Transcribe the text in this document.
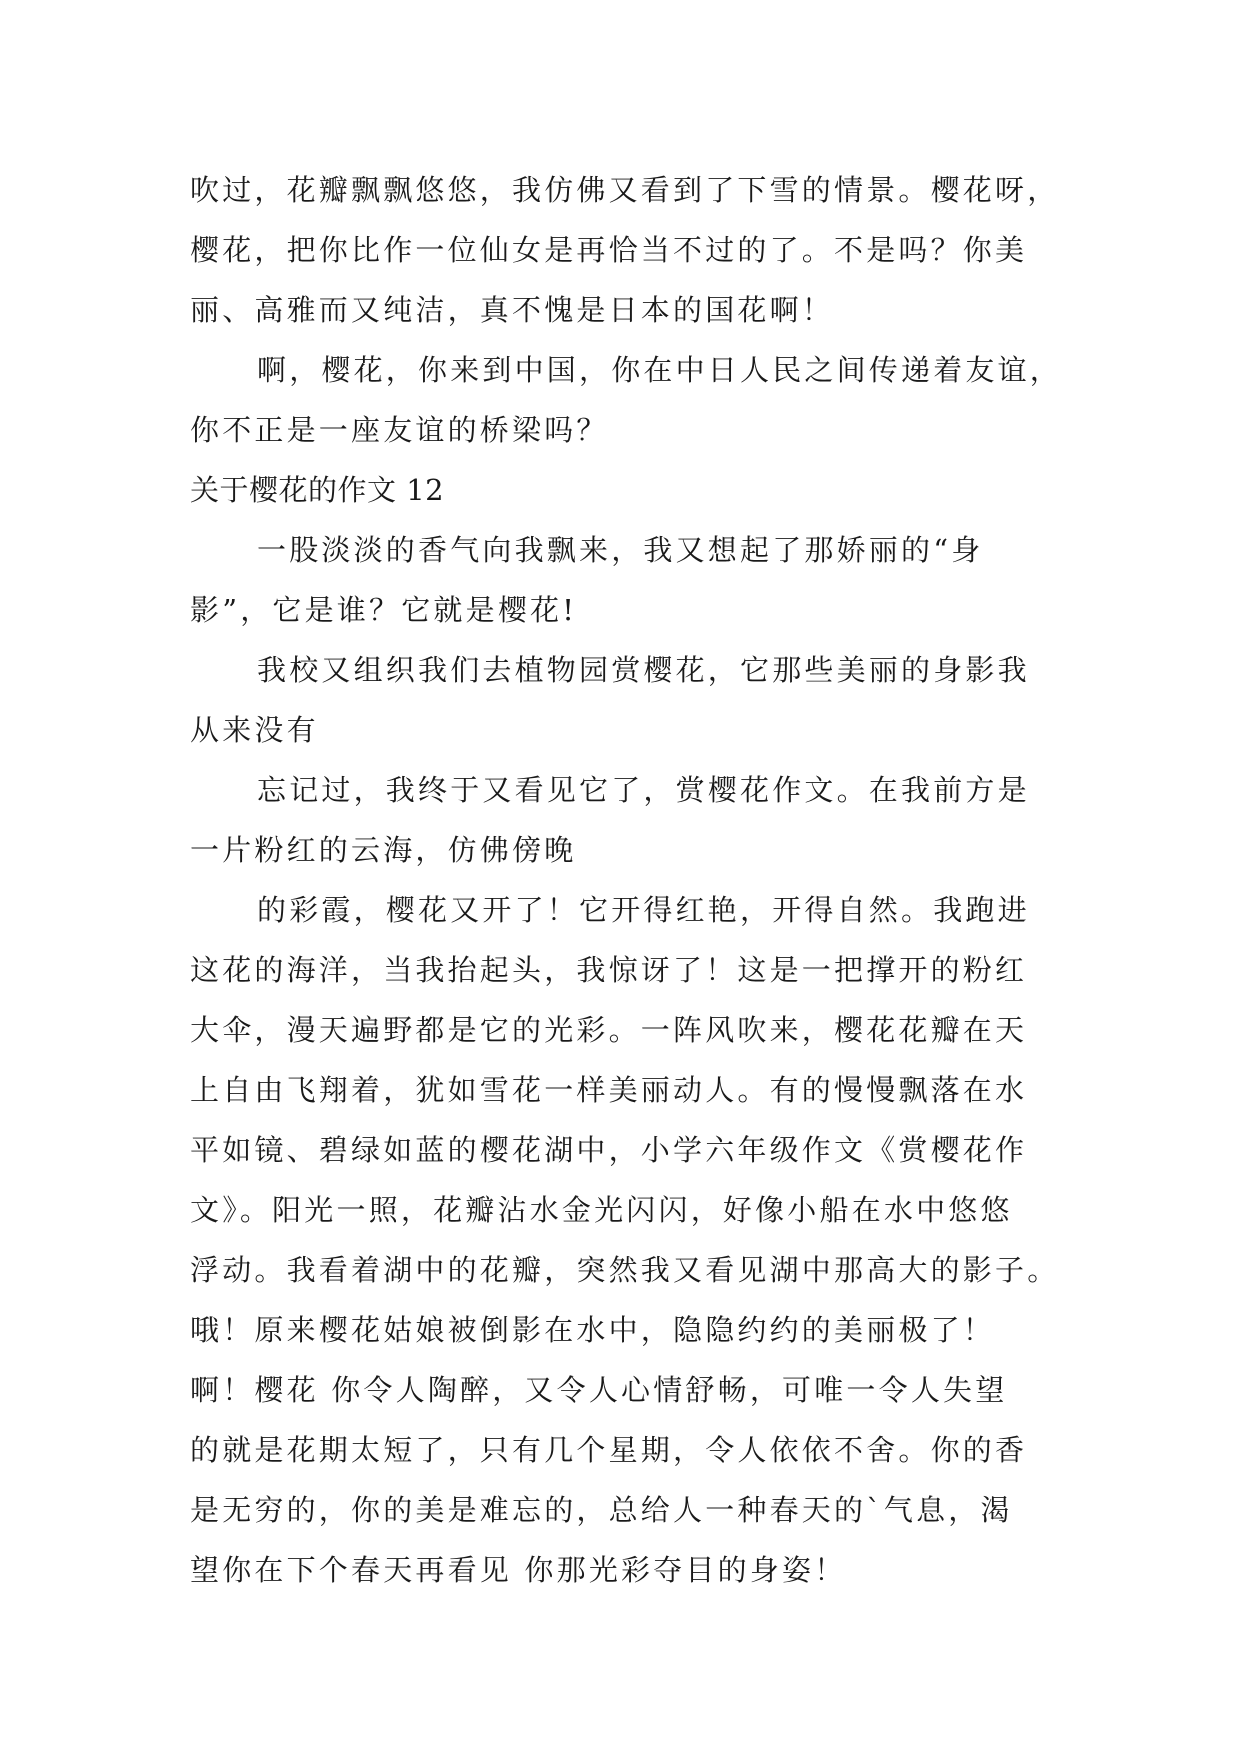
吹过，花瓣飘飘悠悠，我仿佛又看到了下雪的情景。樱花呀，
樱花，把你比作一位仙女是再恰当不过的了。不是吗？你美
丽、高雅而又纯洁，真不愧是日本的国花啊！
啊，樱花，你来到中国，你在中日人民之间传递着友谊，
你不正是一座友谊的桥梁吗？
关于樱花的作文 12
一股淡淡的香气向我飘来，我又想起了那娇丽的“身
影”，它是谁？它就是樱花!
我校又组织我们去植物园赏樱花，它那些美丽的身影我
从来没有
忘记过，我终于又看见它了，赏樱花作文。在我前方是
一片粉红的云海，仿佛傍晚
的彩霞，樱花又开了！它开得红艳，开得自然。我跑进
这花的海洋，当我抬起头，我惊讶了！这是一把撑开的粉红
大伞，漫天遍野都是它的光彩。一阵风吹来，樱花花瓣在天
上自由飞翔着，犹如雪花一样美丽动人。有的慢慢飘落在水
平如镜、碧绿如蓝的樱花湖中，小学六年级作文《赏樱花作
文》。阳光一照，花瓣沾水金光闪闪，好像小船在水中悠悠
浮动。我看着湖中的花瓣，突然我又看见湖中那高大的影子。
哦！原来樱花姑娘被倒影在水中，隐隐约约的美丽极了！
啊！樱花 你令人陶醉，又令人心情舒畅，可唯一令人失望
的就是花期太短了，只有几个星期，令人依依不舍。你的香
是无穷的，你的美是难忘的，总给人一种春天的`气息，渴
望你在下个春天再看见 你那光彩夺目的身姿！
